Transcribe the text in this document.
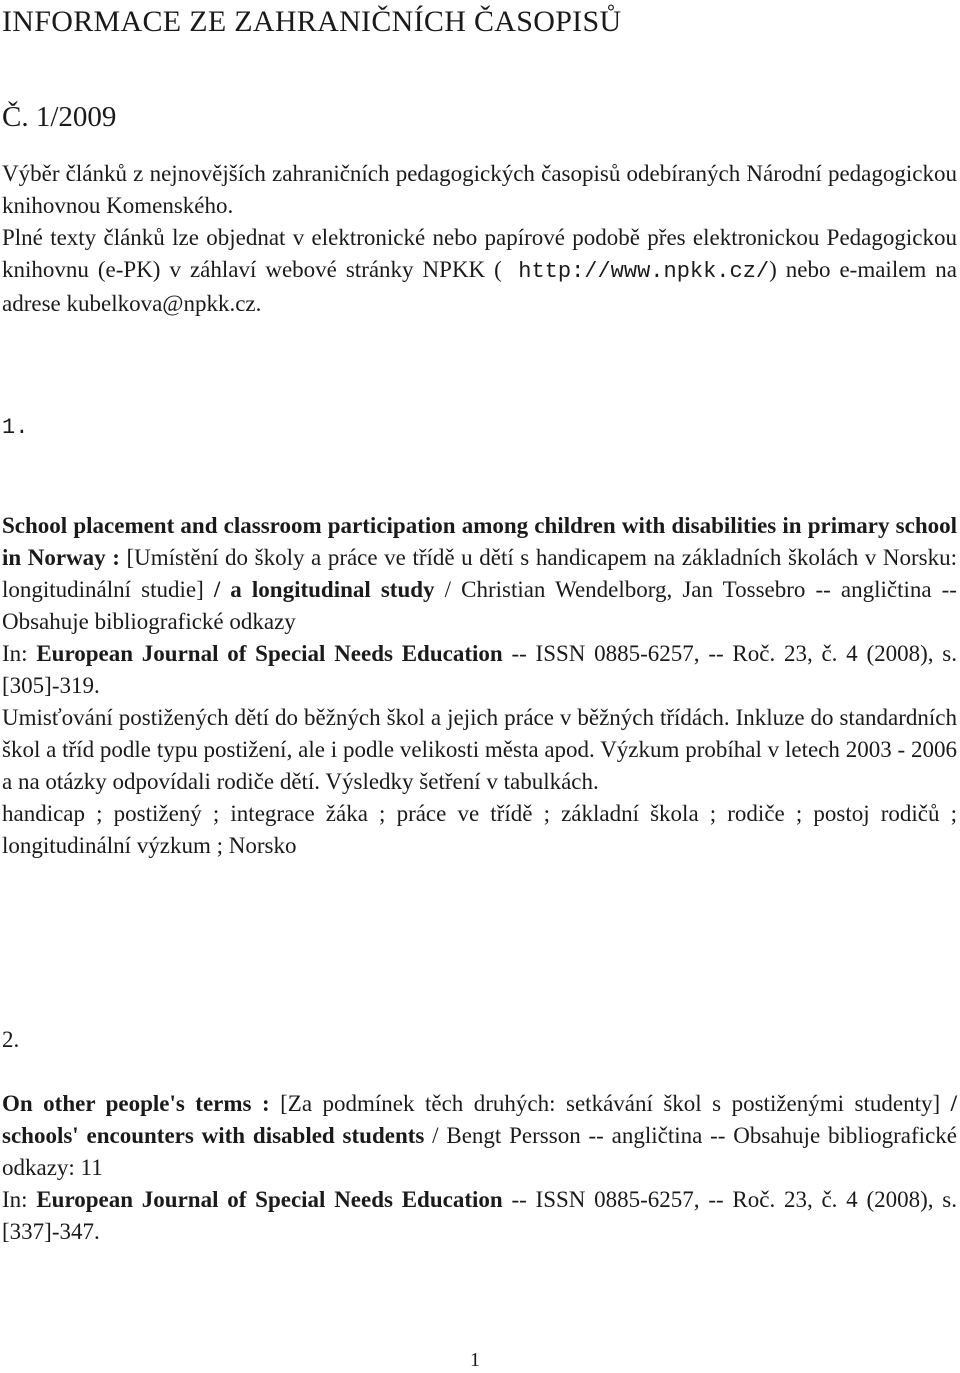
INFORMACE ZE ZAHRANIČNÍCH ČASOPISŮ
Č. 1/2009

Výběr článků z nejnovějších zahraničních pedagogických časopisů odebíraných Národní pedagogickou knihovnou Komenského.

Plné texty článků lze objednat v elektronické nebo papírové podobě přes elektronickou Pedagogickou knihovnu (e-PK) v záhlaví webové stránky NPKK ( http://www.npkk.cz/) nebo e-mailem na adrese kubelkova@npkk.cz.

1.

School placement and classroom participation among children with disabilities in primary school in Norway : [Umístění do školy a práce ve třídě u dětí s handicapem na základních školách v Norsku: longitudinální studie] / a longitudinal study / Christian Wendelborg, Jan Tossebro -- angličtina -- Obsahuje bibliografické odkazy

In: European Journal of Special Needs Education -- ISSN 0885-6257, -- Roč. 23, č. 4 (2008), s. [305]-319.

Umisťování postižených dětí do běžných škol a jejich práce v běžných třídách. Inkluze do standardních škol a tříd podle typu postižení, ale i podle velikosti města apod. Výzkum probíhal v letech 2003 - 2006 a na otázky odpovídali rodiče dětí. Výsledky šetření v tabulkách.

handicap ; postižený ; integrace žáka ; práce ve třídě ; základní škola ; rodiče ; postoj rodičů ; longitudinální výzkum ; Norsko

2.

On other people's terms : [Za podmínek těch druhých: setkávání škol s postiženými studenty] / schools' encounters with disabled students / Bengt Persson -- angličtina -- Obsahuje bibliografické odkazy: 11

In: European Journal of Special Needs Education -- ISSN 0885-6257, -- Roč. 23, č. 4 (2008), s. [337]-347.

1
